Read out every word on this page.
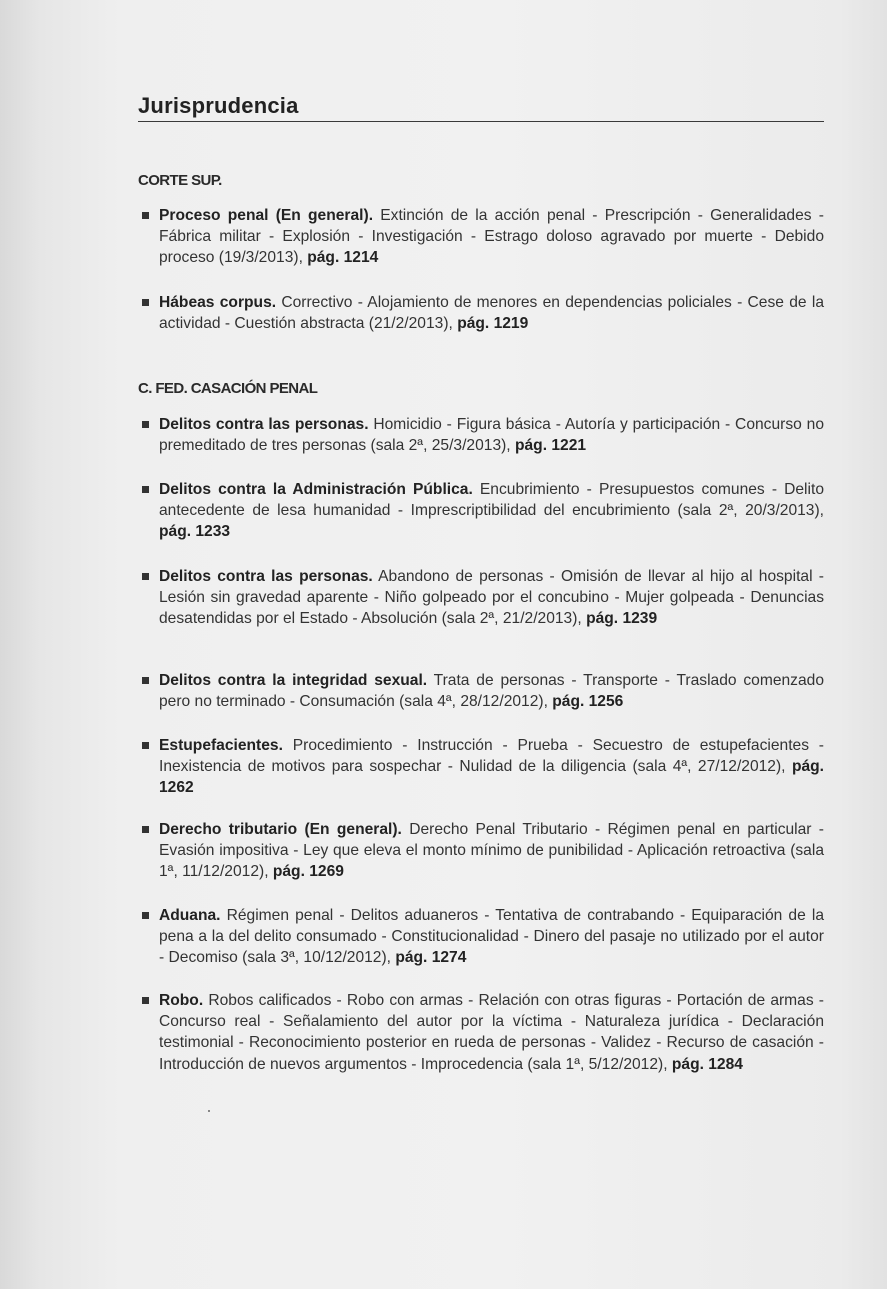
Jurisprudencia
CORTE SUP.
Proceso penal (En general). Extinción de la acción penal - Prescripción - Generalidades - Fábrica militar - Explosión - Investigación - Estrago doloso agravado por muerte - Debido proceso (19/3/2013), pág. 1214
Hábeas corpus. Correctivo - Alojamiento de menores en dependencias policiales - Cese de la actividad - Cuestión abstracta (21/2/2013), pág. 1219
C. FED. CASACIÓN PENAL
Delitos contra las personas. Homicidio - Figura básica - Autoría y participación - Concurso no premeditado de tres personas (sala 2ª, 25/3/2013), pág. 1221
Delitos contra la Administración Pública. Encubrimiento - Presupuestos comunes - Delito antecedente de lesa humanidad - Imprescriptibilidad del encubrimiento (sala 2ª, 20/3/2013), pág. 1233
Delitos contra las personas. Abandono de personas - Omisión de llevar al hijo al hospital - Lesión sin gravedad aparente - Niño golpeado por el concubino - Mujer golpeada - Denuncias desatendidas por el Estado - Absolución (sala 2ª, 21/2/2013), pág. 1239
Delitos contra la integridad sexual. Trata de personas - Transporte - Traslado comenzado pero no terminado - Consumación (sala 4ª, 28/12/2012), pág. 1256
Estupefacientes. Procedimiento - Instrucción - Prueba - Secuestro de estupefacientes - Inexistencia de motivos para sospechar - Nulidad de la diligencia (sala 4ª, 27/12/2012), pág. 1262
Derecho tributario (En general). Derecho Penal Tributario - Régimen penal en particular - Evasión impositiva - Ley que eleva el monto mínimo de punibilidad - Aplicación retroactiva (sala 1ª, 11/12/2012), pág. 1269
Aduana. Régimen penal - Delitos aduaneros - Tentativa de contrabando - Equiparación de la pena a la del delito consumado - Constitucionalidad - Dinero del pasaje no utilizado por el autor - Decomiso (sala 3ª, 10/12/2012), pág. 1274
Robo. Robos calificados - Robo con armas - Relación con otras figuras - Portación de armas - Concurso real - Señalamiento del autor por la víctima - Naturaleza jurídica - Declaración testimonial - Reconocimiento posterior en rueda de personas - Validez - Recurso de casación - Introducción de nuevos argumentos - Improcedencia (sala 1ª, 5/12/2012), pág. 1284
